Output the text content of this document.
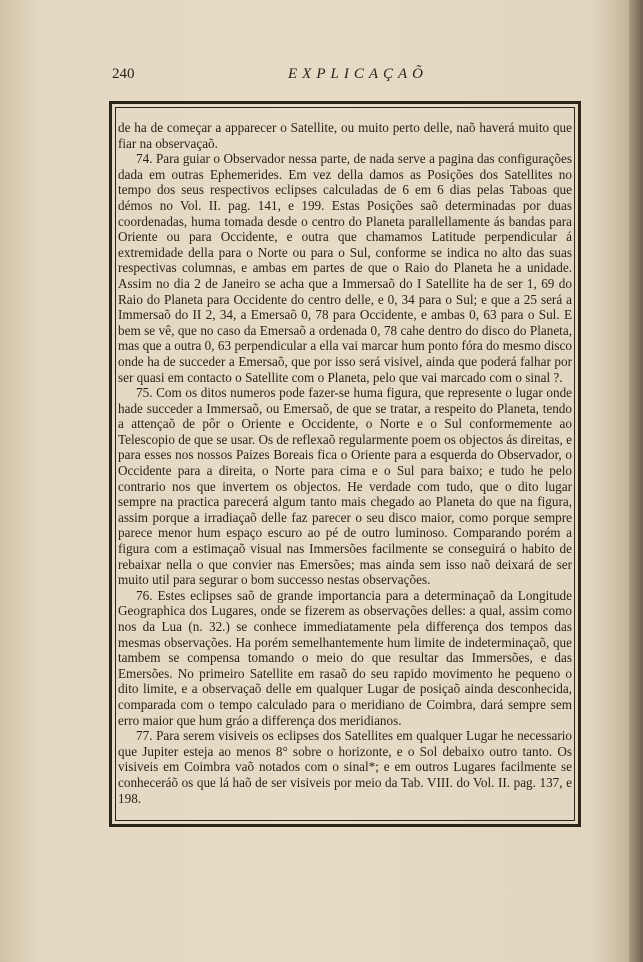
240	EXPLICAÇAÕ

de ha de começar a apparecer o Satellite, ou muito perto delle, naõ haverá muito que fiar na observaçaõ.

74. Para guiar o Observador nessa parte, de nada serve a pagina das configurações dada em outras Ephemerides. Em vez della damos as Posições dos Satellites no tempo dos seus respectivos eclipses calculadas de 6 em 6 dias pelas Taboas que démos no Vol. II. pag. 141, e 199. Estas Posições saõ determinadas por duas coordenadas, huma tomada desde o centro do Planeta parallellamente ás bandas para Oriente ou para Occidente, e outra que chamamos Latitude perpendicular á extremidade della para o Norte ou para o Sul, conforme se indica no alto das suas respectivas columnas, e ambas em partes de que o Raio do Planeta he a unidade. Assim no dia 2 de Janeiro se acha que a Immersaõ do I Satellite ha de ser 1, 69 do Raio do Planeta para Occidente do centro delle, e 0, 34 para o Sul; e que a 25 será a Immersaõ do II 2, 34, a Emersaõ 0, 78 para Occidente, e ambas 0, 63 para o Sul. E bem se vê, que no caso da Emersaõ a ordenada 0, 78 cahe dentro do disco do Planeta, mas que a outra 0, 63 perpendicular a ella vai marcar hum ponto fóra do mesmo disco onde ha de succeder a Emersaõ, que por isso será visivel, ainda que poderá falhar por ser quasi em contacto o Satellite com o Planeta, pelo que vai marcado com o sinal ?.

75. Com os ditos numeros pode fazer-se huma figura, que represente o lugar onde hade succeder a Immersaõ, ou Emersaõ, de que se tratar, a respeito do Planeta, tendo a attençaõ de pôr o Oriente e Occidente, o Norte e o Sul conformemente ao Telescopio de que se usar. Os de reflexaõ regularmente poem os objectos ás direitas, e para esses nos nossos Paizes Boreais fica o Oriente para a esquerda do Observador, o Occidente para a direita, o Norte para cima e o Sul para baixo; e tudo he pelo contrario nos que invertem os objectos. He verdade com tudo, que o dito lugar sempre na practica parecerá algum tanto mais chegado ao Planeta do que na figura, assim porque a irradiaçaõ delle faz parecer o seu disco maior, como porque sempre parece menor hum espaço escuro ao pé de outro luminoso. Comparando porém a figura com a estimaçaõ visual nas Immersões facilmente se conseguirá o habito de rebaixar nella o que convier nas Emersões; mas ainda sem isso naõ deixará de ser muito util para segurar o bom successo nestas observações.

76. Estes eclipses saõ de grande importancia para a determinaçaõ da Longitude Geographica dos Lugares, onde se fizerem as observações delles: a qual, assim como nos da Lua (n. 32.) se conhece immediatamente pela differença dos tempos das mesmas observações. Ha porém semelhantemente hum limite de indeterminaçaõ, que tambem se compensa tomando o meio do que resultar das Immersões, e das Emersões. No primeiro Satellite em rasaõ do seu rapido movimento he pequeno o dito limite, e a observaçaõ delle em qualquer Lugar de posiçaõ ainda desconhecida, comparada com o tempo calculado para o meridiano de Coimbra, dará sempre sem erro maior que hum gráo a differença dos meridianos.

77. Para serem visiveis os eclipses dos Satellites em qualquer Lugar he necessario que Jupiter esteja ao menos 8° sobre o horizonte, e o Sol debaixo outro tanto. Os visiveis em Coimbra vaõ notados com o sinal*; e em outros Lugares facilmente se conheceráõ os que lá haõ de ser visiveis por meio da Tab. VIII. do Vol. II. pag. 137, e 198.
